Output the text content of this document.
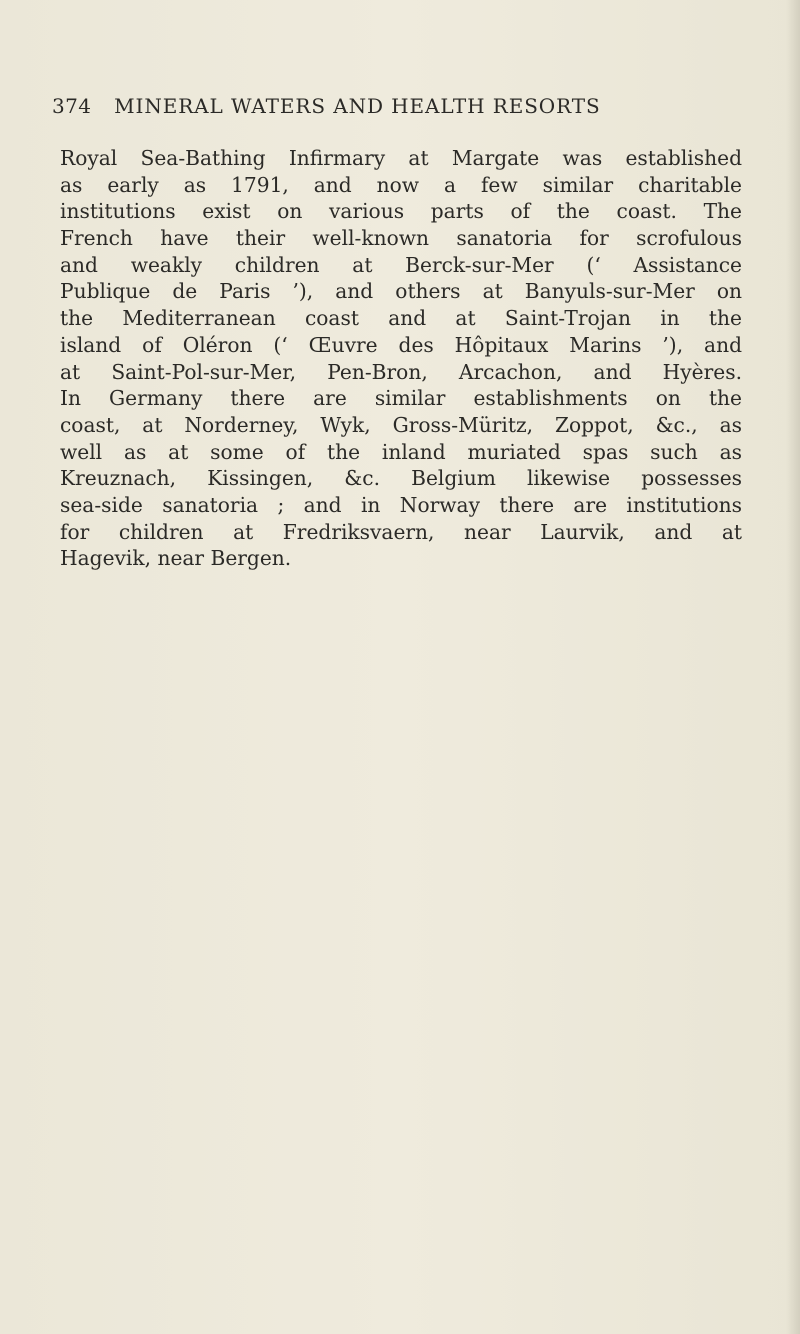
374 MINERAL WATERS AND HEALTH RESORTS
Royal Sea-Bathing Infirmary at Margate was established
as early as 1791, and now a few similar charitable
institutions exist on various parts of the coast. The
French have their well-known sanatoria for scrofulous
and weakly children at Berck-sur-Mer (‘ Assistance
Publique de Paris ’), and others at Banyuls-sur-Mer on
the Mediterranean coast and at Saint-Trojan in the
island of Oléron (‘ Œuvre des Hôpitaux Marins ’), and
at Saint-Pol-sur-Mer, Pen-Bron, Arcachon, and Hyères.
In Germany there are similar establishments on the
coast, at Norderney, Wyk, Gross-Müritz, Zoppot, &c., as
well as at some of the inland muriated spas such as
Kreuznach, Kissingen, &c. Belgium likewise possesses
sea-side sanatoria ; and in Norway there are institutions
for children at Fredriksvaern, near Laurvik, and at
Hagevik, near Bergen.
